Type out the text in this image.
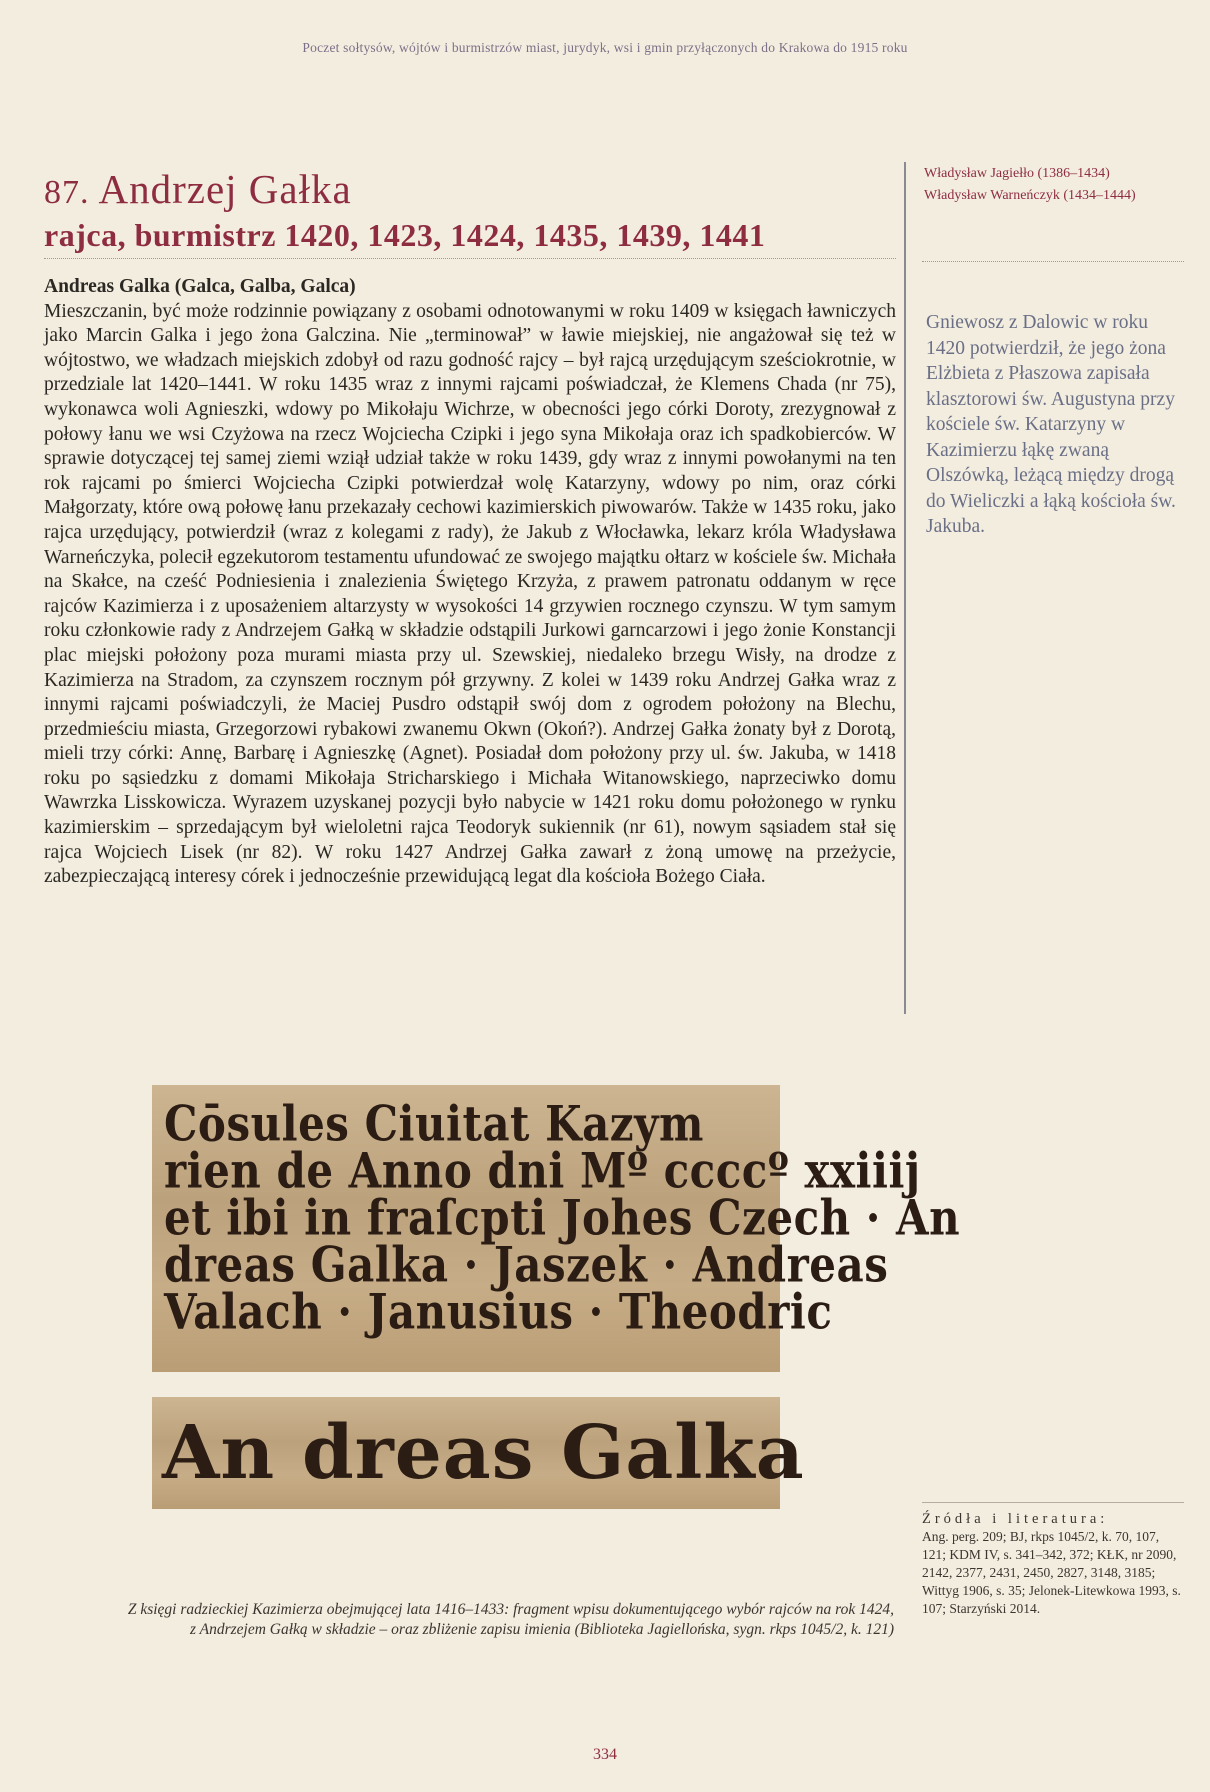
Poczet sołtysów, wójtów i burmistrzów miast, jurydyk, wsi i gmin przyłączonych do Krakowa do 1915 roku
87. Andrzej Gałka

rajca, burmistrz 1420, 1423, 1424, 1435, 1439, 1441

Władysław Jagiełło (1386–1434)
Władysław Warneńczyk (1434–1444)
Andreas Galka (Galca, Galba, Galca)
Mieszczanin, być może rodzinnie powiązany z osobami odnotowanymi w roku 1409 w księgach ławniczych jako Marcin Galka i jego żona Galczina. Nie „terminował” w ławie miejskiej, nie angażował się też w wójtostwo, we władzach miejskich zdobył od razu godność rajcy – był rajcą urzędującym sześciokrotnie, w przedziale lat 1420–1441. W roku 1435 wraz z innymi rajcami poświadczał, że Klemens Chada (nr 75), wykonawca woli Agnieszki, wdowy po Mikołaju Wichrze, w obecności jego córki Doroty, zrezygnował z połowy łanu we wsi Czyżowa na rzecz Wojciecha Czipki i jego syna Mikołaja oraz ich spadkobierców. W sprawie dotyczącej tej samej ziemi wziął udział także w roku 1439, gdy wraz z innymi powołanymi na ten rok rajcami po śmierci Wojciecha Czipki potwierdzał wolę Katarzyny, wdowy po nim, oraz córki Małgorzaty, które ową połowę łanu przekazały cechowi kazimierskich piwowarów. Także w 1435 roku, jako rajca urzędujący, potwierdził (wraz z kolegami z rady), że Jakub z Włocławka, lekarz króla Władysława Warneńczyka, polecił egzekutorom testamentu ufundować ze swojego majątku ołtarz w kościele św. Michała na Skałce, na cześć Podniesienia i znalezienia Świętego Krzyża, z prawem patronatu oddanym w ręce rajców Kazimierza i z uposażeniem altarzysty w wysokości 14 grzywien rocznego czynszu. W tym samym roku członkowie rady z Andrzejem Gałką w składzie odstąpili Jurkowi garncarzowi i jego żonie Konstancji plac miejski położony poza murami miasta przy ul. Szewskiej, niedaleko brzegu Wisły, na drodze z Kazimierza na Stradom, za czynszem rocznym pół grzywny. Z kolei w 1439 roku Andrzej Gałka wraz z innymi rajcami poświadczyli, że Maciej Pusdro odstąpił swój dom z ogrodem położony na Blechu, przedmieściu miasta, Grzegorzowi rybakowi zwanemu Okwn (Okoń?). Andrzej Gałka żonaty był z Dorotą, mieli trzy córki: Annę, Barbarę i Agnieszkę (Agnet). Posiadał dom położony przy ul. św. Jakuba, w 1418 roku po sąsiedzku z domami Mikołaja Stricharskiego i Michała Witanowskiego, naprzeciwko domu Wawrzka Lisskowicza. Wyrazem uzyskanej pozycji było nabycie w 1421 roku domu położonego w rynku kazimierskim – sprzedającym był wieloletni rajca Teodoryk sukiennik (nr 61), nowym sąsiadem stał się rajca Wojciech Lisek (nr 82). W roku 1427 Andrzej Gałka zawarł z żoną umowę na przeżycie, zabezpieczającą interesy córek i jednocześnie przewidującą legat dla kościoła Bożego Ciała.
Gniewosz z Dalowic w roku 1420 potwierdził, że jego żona Elżbieta z Płaszowa zapisała klasztorowi św. Augustyna przy kościele św. Katarzyny w Kazimierzu łąkę zwaną Olszówką, leżącą między drogą do Wieliczki a łąką kościoła św. Jakuba.
Cōsules Ciuitat Kazym
rien de Anno dni Mº ccccº xxiiij
et ibi in fraſcpti Johes Czech · An
dreas Galka · Jaszek · Andreas
Valach · Janusius · Theodric
An dreas Galka
Z księgi radzieckiej Kazimierza obejmującej lata 1416–1433: fragment wpisu dokumentującego wybór rajców na rok 1424,
z Andrzejem Gałką w składzie – oraz zbliżenie zapisu imienia (Biblioteka Jagiellońska, sygn. rkps 1045/2, k. 121)
Źródła i literatura:
Ang. perg. 209; BJ, rkps 1045/2, k. 70, 107, 121; KDM IV, s. 341–342, 372; KŁK, nr 2090, 2142, 2377, 2431, 2450, 2827, 3148, 3185; Wittyg 1906, s. 35; Jelonek-Litewkowa 1993, s. 107; Starzyński 2014.
334
